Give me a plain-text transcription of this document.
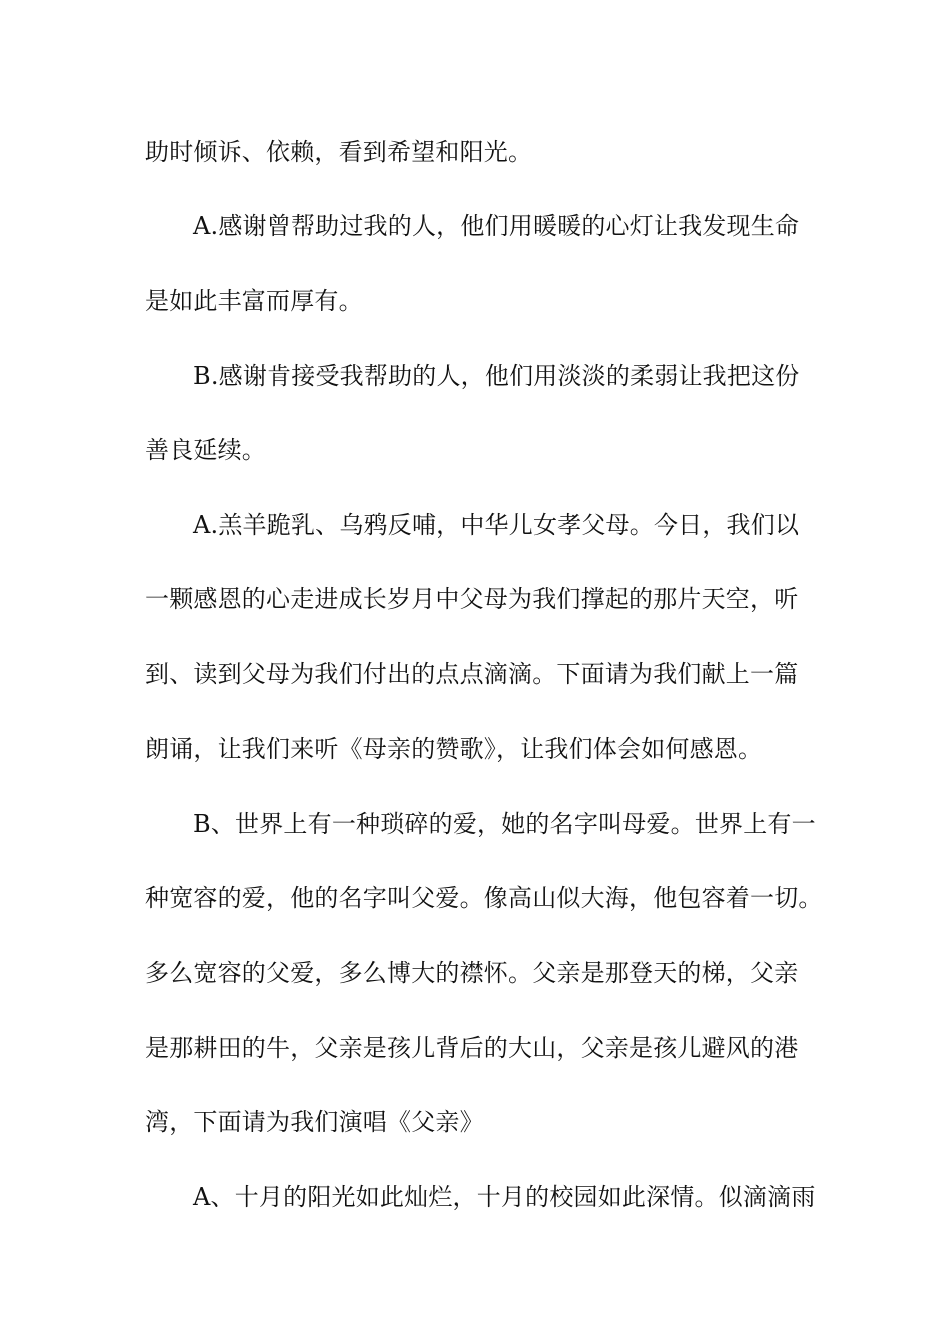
助时倾诉、依赖，看到希望和阳光。
A.感谢曾帮助过我的人，他们用暖暖的心灯让我发现生命
是如此丰富而厚有。
B.感谢肯接受我帮助的人，他们用淡淡的柔弱让我把这份
善良延续。
A.羔羊跪乳、乌鸦反哺，中华儿女孝父母。今日，我们以
一颗感恩的心走进成长岁月中父母为我们撑起的那片天空，听
到、读到父母为我们付出的点点滴滴。下面请为我们献上一篇
朗诵，让我们来听《母亲的赞歌》，让我们体会如何感恩。
B、世界上有一种琐碎的爱，她的名字叫母爱。世界上有一
种宽容的爱，他的名字叫父爱。像高山似大海，他包容着一切。
多么宽容的父爱，多么博大的襟怀。父亲是那登天的梯，父亲
是那耕田的牛，父亲是孩儿背后的大山，父亲是孩儿避风的港
湾，下面请为我们演唱《父亲》
A、十月的阳光如此灿烂，十月的校园如此深情。似滴滴雨
